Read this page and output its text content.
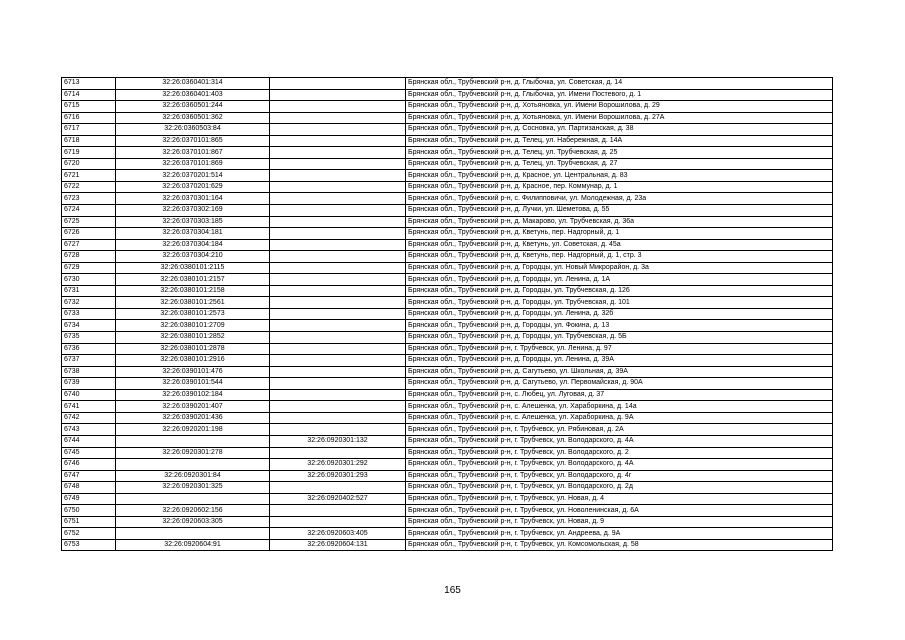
6713	32:26:0360401:314		Брянская обл., Трубчевский р-н, д. Глыбочка, ул. Советская, д. 14
6714	32:26:0360401:403		Брянская обл., Трубчевский р-н, д. Глыбочка, ул. Имени Постевого, д. 1
6715	32:26:0360501:244		Брянская обл., Трубчевский р-н, д. Хотьяновка, ул. Имени Ворошилова, д. 29
6716	32:26:0360501:362		Брянская обл., Трубчевский р-н, д. Хотьяновка, ул. Имени Ворошилова, д. 27А
6717	32:26:0360503:84		Брянская обл., Трубчевский р-н, д. Сосновка, ул. Партизанская, д. 38
6718	32:26:0370101:865		Брянская обл., Трубчевский р-н, д. Телец, ул. Набережная, д. 14А
6719	32:26:0370101:867		Брянская обл., Трубчевский р-н, д. Телец, ул. Трубчевская, д. 25
6720	32:26:0370101:869		Брянская обл., Трубчевский р-н, д. Телец, ул. Трубчевская, д. 27
6721	32:26:0370201:514		Брянская обл., Трубчевский р-н, д. Красное, ул. Центральная, д. 83
6722	32:26:0370201:629		Брянская обл., Трубчевский р-н, д. Красное, пер. Коммунар, д. 1
6723	32:26:0370301:164		Брянская обл., Трубчевский р-н, с. Филипповичи, ул. Молодежная, д. 23а
6724	32:26:0370302:169		Брянская обл., Трубчевский р-н, д. Лучки, ул. Шеметова, д. 55
6725	32:26:0370303:185		Брянская обл., Трубчевский р-н, д. Макарово, ул. Трубчевская, д. 36а
6726	32:26:0370304:181		Брянская обл., Трубчевский р-н, д. Кветунь, пер. Надгорный, д. 1
6727	32:26:0370304:184		Брянская обл., Трубчевский р-н, д. Кветунь, ул. Советская, д. 45а
6728	32:26:0370304:210		Брянская обл., Трубчевский р-н, д. Кветунь, пер. Надгорный, д. 1, стр. 3
6729	32:26:0380101:2115		Брянская обл., Трубчевский р-н, д. Городцы, ул. Новый Микрорайон, д. 3а
6730	32:26:0380101:2157		Брянская обл., Трубчевский р-н, д. Городцы, ул. Ленина, д. 1А
6731	32:26:0380101:2158		Брянская обл., Трубчевский р-н, д. Городцы, ул. Трубчевская, д. 126
6732	32:26:0380101:2561		Брянская обл., Трубчевский р-н, д. Городцы, ул. Трубчевская, д. 101
6733	32:26:0380101:2573		Брянская обл., Трубчевский р-н, д. Городцы, ул. Ленина, д. 32б
6734	32:26:0380101:2709		Брянская обл., Трубчевский р-н, д. Городцы, ул. Фокина, д. 13
6735	32:26:0380101:2852		Брянская обл., Трубчевский р-н, д. Городцы, ул. Трубчевская, д. 5Б
6736	32:26:0380101:2878		Брянская обл., Трубчевский р-н, г. Трубчевск, ул. Ленина, д. 97
6737	32:26:0380101:2916		Брянская обл., Трубчевский р-н, д. Городцы, ул. Ленина, д. 39А
6738	32:26:0390101:476		Брянская обл., Трубчевский р-н, д. Сагутьево, ул. Школьная, д. 39А
6739	32:26:0390101:544		Брянская обл., Трубчевский р-н, д. Сагутьево, ул. Первомайская, д. 90А
6740	32:26:0390102:184		Брянская обл., Трубчевский р-н, с. Любец, ул. Луговая, д. 37
6741	32:26:0390201:407		Брянская обл., Трубчевский р-н, с. Алешенка, ул. Хараборкина, д. 14а
6742	32:26:0390201:436		Брянская обл., Трубчевский р-н, с. Алешенка, ул. Хараборкина, д. 9А
6743	32:26:0920201:198		Брянская обл., Трубчевский р-н, г. Трубчевск, ул. Рябиновая, д. 2А
6744		32:26:0920301:132	Брянская обл., Трубчевский р-н, г. Трубчевск, ул. Володарского, д. 4А
6745	32:26:0920301:278		Брянская обл., Трубчевский р-н, г. Трубчевск, ул. Володарского, д. 2
6746		32:26:0920301:292	Брянская обл., Трубчевский р-н, г. Трубчевск, ул. Володарского, д. 4А
6747	32:26:0920301:84	32:26:0920301:293	Брянская обл., Трубчевский р-н, г. Трубчевск, ул. Володарского, д. 4г
6748	32:26:0920301:325		Брянская обл., Трубчевский р-н, г. Трубчевск, ул. Володарского, д. 2д
6749		32:26:0920402:527	Брянская обл., Трубчевский р-н, г. Трубчевск, ул. Новая, д. 4
6750	32:26:0920602:156		Брянская обл., Трубчевский р-н, г. Трубчевск, ул. Новоленинская, д. 6А
6751	32:26:0920603:305		Брянская обл., Трубчевский р-н, г. Трубчевск, ул. Новая, д. 9
6752		32:26:0920603:405	Брянская обл., Трубчевский р-н, г. Трубчевск, ул. Андреева, д. 9А
6753	32:26:0920604:91	32:26:0920604:131	Брянская обл., Трубчевский р-н, г. Трубчевск, ул. Комсомольская, д. 58
165
